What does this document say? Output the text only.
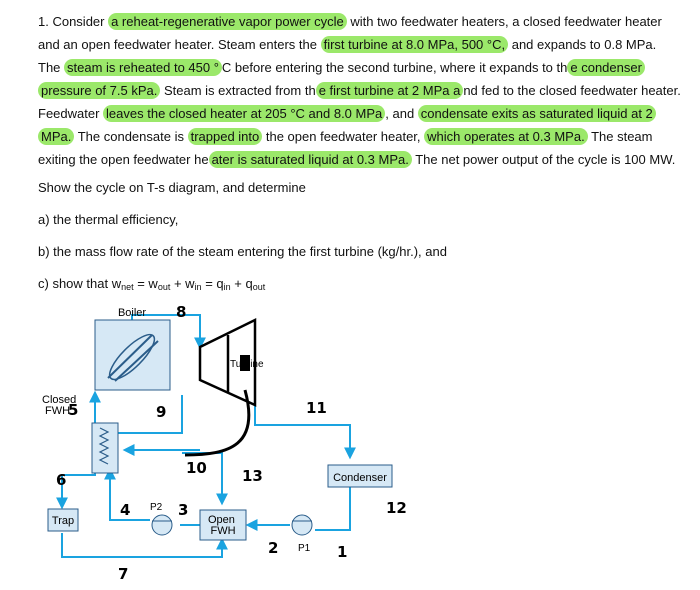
1. Consider a reheat-regenerative vapor power cycle with two feedwater heaters, a closed feedwater heater
and an open feedwater heater. Steam enters the first turbine at 8.0 MPa, 500 °C, and expands to 0.8 MPa.
The steam is reheated to 450 ° C before entering the second turbine, where it expands to th e condenser
pressure of 7.5 kPa. Steam is extracted from th e first turbine at 2 MPa a nd fed to the closed feedwater heater.
Feedwater leaves the closed heater at 205 °C and 8.0 MPa , and condensate exits as saturated liquid at 2
MPa. The condensate is trapped into the open feedwater heater, which operates at 0.3 MPa. The steam
exiting the open feedwater he ater is saturated liquid at 0.3 MPa. The net power output of the cycle is 100 MW.
Show the cycle on T-s diagram, and determine
a) the thermal efficiency,
b) the mass flow rate of the steam entering the first turbine (kg/hr.), and
c) show that $w_{net} = w_{out} + w_{in} = q_{in} + q_{out}$
Boiler
Turbine
Closed FWH
Condenser
Open FWH
Trap
P1
P2
1
2
3
4
5
6
7
8
9
10
11
12
13
